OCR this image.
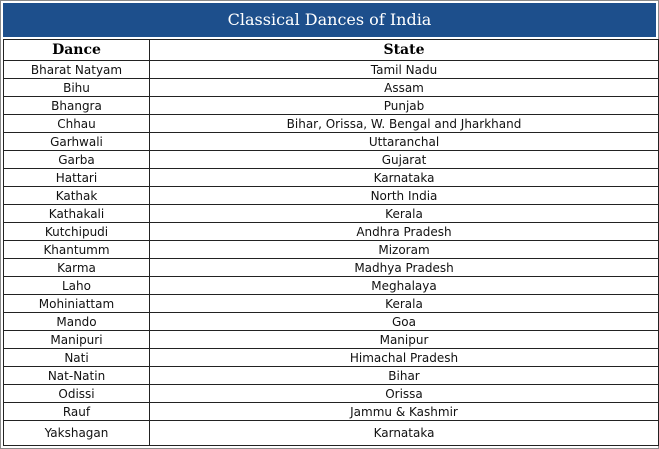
Classical Dances of India
Dance	State
Bharat Natyam	Tamil Nadu
Bihu	Assam
Bhangra	Punjab
Chhau	Bihar, Orissa, W. Bengal and Jharkhand
Garhwali	Uttaranchal
Garba	Gujarat
Hattari	Karnataka
Kathak	North India
Kathakali	Kerala
Kutchipudi	Andhra Pradesh
Khantumm	Mizoram
Karma	Madhya Pradesh
Laho	Meghalaya
Mohiniattam	Kerala
Mando	Goa
Manipuri	Manipur
Nati	Himachal Pradesh
Nat-Natin	Bihar
Odissi	Orissa
Rauf	Jammu & Kashmir
Yakshagan	Karnataka
